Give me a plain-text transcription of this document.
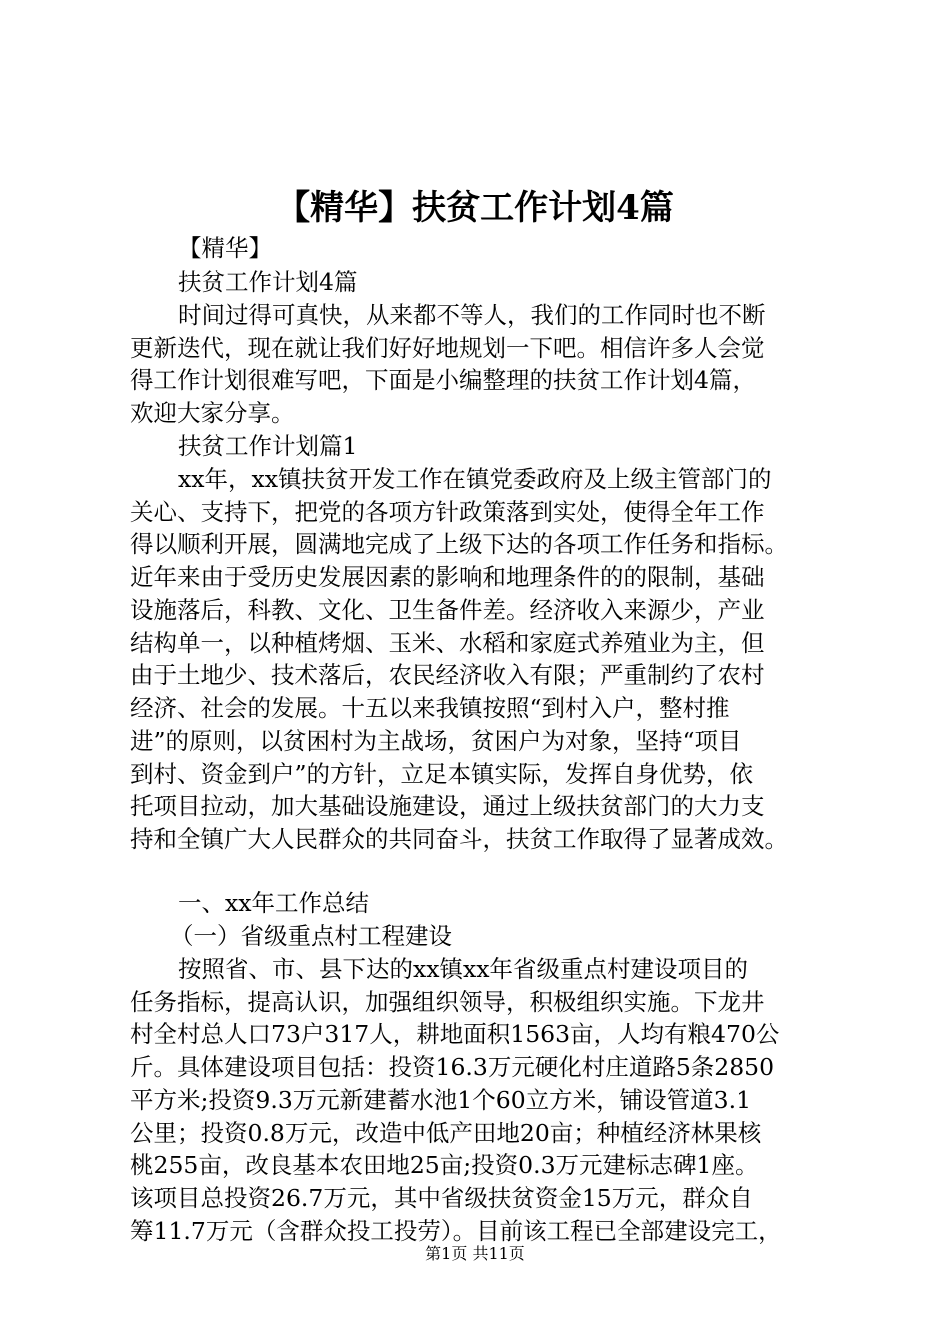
【精华】扶贫工作计划4篇

【精华】

扶贫工作计划4篇

时间过得可真快，从来都不等人，我们的工作同时也不断

更新迭代，现在就让我们好好地规划一下吧。相信许多人会觉

得工作计划很难写吧，下面是小编整理的扶贫工作计划4篇，

欢迎大家分享。

扶贫工作计划篇1

xx年，xx镇扶贫开发工作在镇党委政府及上级主管部门的

关心、支持下，把党的各项方针政策落到实处，使得全年工作

得以顺利开展，圆满地完成了上级下达的各项工作任务和指标。

近年来由于受历史发展因素的影响和地理条件的的限制，基础

设施落后，科教、文化、卫生备件差。经济收入来源少，产业

结构单一，以种植烤烟、玉米、水稻和家庭式养殖业为主，但

由于土地少、技术落后，农民经济收入有限；严重制约了农村

经济、社会的发展。十五以来我镇按照“到村入户，整村推

进”的原则，以贫困村为主战场，贫困户为对象，坚持“项目

到村、资金到户”的方针，立足本镇实际，发挥自身优势，依

托项目拉动，加大基础设施建设，通过上级扶贫部门的大力支

持和全镇广大人民群众的共同奋斗，扶贫工作取得了显著成效。

一、xx年工作总结

（一）省级重点村工程建设

按照省、市、县下达的xx镇xx年省级重点村建设项目的

任务指标，提高认识，加强组织领导，积极组织实施。下龙井

村全村总人口73户317人，耕地面积1563亩，人均有粮470公

斤。具体建设项目包括：投资16.3万元硬化村庄道路5条2850

平方米;投资9.3万元新建蓄水池1个60立方米，铺设管道3.1

公里；投资0.8万元，改造中低产田地20亩；种植经济林果核

桃255亩，改良基本农田地25亩;投资0.3万元建标志碑1座。

该项目总投资26.7万元，其中省级扶贫资金15万元，群众自

筹11.7万元（含群众投工投劳）。目前该工程已全部建设完工，

第1页 共11页
